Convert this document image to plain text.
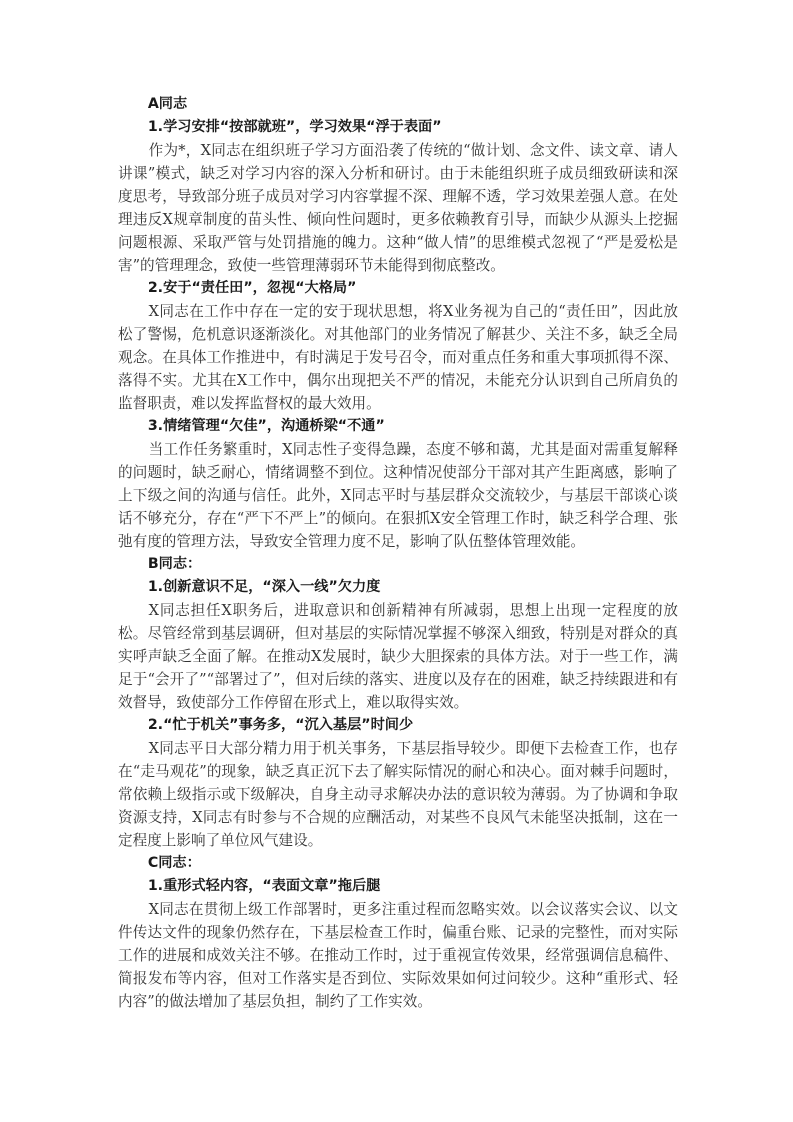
A同志

1.学习安排“按部就班”，学习效果“浮于表面”

作为*，X同志在组织班子学习方面沿袭了传统的“做计划、念文件、读文章、请人讲课”模式，缺乏对学习内容的深入分析和研讨。由于未能组织班子成员细致研读和深度思考，导致部分班子成员对学习内容掌握不深、理解不透，学习效果差强人意。在处理违反X规章制度的苗头性、倾向性问题时，更多依赖教育引导，而缺少从源头上挖掘问题根源、采取严管与处罚措施的魄力。这种“做人情”的思维模式忽视了“严是爱松是害”的管理理念，致使一些管理薄弱环节未能得到彻底整改。

2.安于“责任田”，忽视“大格局”

X同志在工作中存在一定的安于现状思想，将X业务视为自己的“责任田”，因此放松了警惕，危机意识逐渐淡化。对其他部门的业务情况了解甚少、关注不多，缺乏全局观念。在具体工作推进中，有时满足于发号召令，而对重点任务和重大事项抓得不深、落得不实。尤其在X工作中，偶尔出现把关不严的情况，未能充分认识到自己所肩负的监督职责，难以发挥监督权的最大效用。

3.情绪管理“欠佳”，沟通桥梁“不通”

当工作任务繁重时，X同志性子变得急躁，态度不够和蔼，尤其是面对需重复解释的问题时，缺乏耐心，情绪调整不到位。这种情况使部分干部对其产生距离感，影响了上下级之间的沟通与信任。此外，X同志平时与基层群众交流较少，与基层干部谈心谈话不够充分，存在“严下不严上”的倾向。在狠抓X安全管理工作时，缺乏科学合理、张弛有度的管理方法，导致安全管理力度不足，影响了队伍整体管理效能。

B同志：

1.创新意识不足，“深入一线”欠力度

X同志担任X职务后，进取意识和创新精神有所减弱，思想上出现一定程度的放松。尽管经常到基层调研，但对基层的实际情况掌握不够深入细致，特别是对群众的真实呼声缺乏全面了解。在推动X发展时，缺少大胆探索的具体方法。对于一些工作，满足于“会开了”“部署过了”，但对后续的落实、进度以及存在的困难，缺乏持续跟进和有效督导，致使部分工作停留在形式上，难以取得实效。

2.“忙于机关”事务多，“沉入基层”时间少

X同志平日大部分精力用于机关事务，下基层指导较少。即便下去检查工作，也存在“走马观花”的现象，缺乏真正沉下去了解实际情况的耐心和决心。面对棘手问题时，常依赖上级指示或下级解决，自身主动寻求解决办法的意识较为薄弱。为了协调和争取资源支持，X同志有时参与不合规的应酬活动，对某些不良风气未能坚决抵制，这在一定程度上影响了单位风气建设。

C同志：

1.重形式轻内容，“表面文章”拖后腿

X同志在贯彻上级工作部署时，更多注重过程而忽略实效。以会议落实会议、以文件传达文件的现象仍然存在，下基层检查工作时，偏重台账、记录的完整性，而对实际工作的进展和成效关注不够。在推动工作时，过于重视宣传效果，经常强调信息稿件、简报发布等内容，但对工作落实是否到位、实际效果如何过问较少。这种“重形式、轻内容”的做法增加了基层负担，制约了工作实效。
